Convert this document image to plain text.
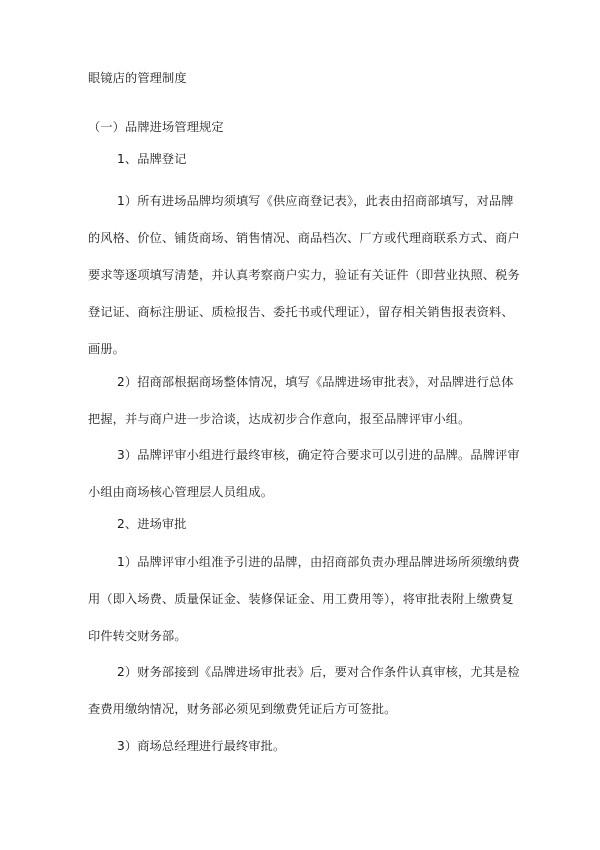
眼镜店的管理制度

（一）品牌进场管理规定

1、品牌登记

1）所有进场品牌均须填写《供应商登记表》，此表由招商部填写，对品牌
的风格、价位、铺货商场、销售情况、商品档次、厂方或代理商联系方式、商户
要求等逐项填写清楚，并认真考察商户实力，验证有关证件（即营业执照、税务
登记证、商标注册证、质检报告、委托书或代理证），留存相关销售报表资料、
画册。
2）招商部根据商场整体情况，填写《品牌进场审批表》，对品牌进行总体
把握，并与商户进一步洽谈，达成初步合作意向，报至品牌评审小组。
3）品牌评审小组进行最终审核，确定符合要求可以引进的品牌。品牌评审
小组由商场核心管理层人员组成。

2、进场审批

1）品牌评审小组准予引进的品牌，由招商部负责办理品牌进场所须缴纳费
用（即入场费、质量保证金、装修保证金、用工费用等），将审批表附上缴费复
印件转交财务部。
2）财务部接到《品牌进场审批表》后，要对合作条件认真审核，尤其是检
查费用缴纳情况，财务部必须见到缴费凭证后方可签批。

3）商场总经理进行最终审批。
